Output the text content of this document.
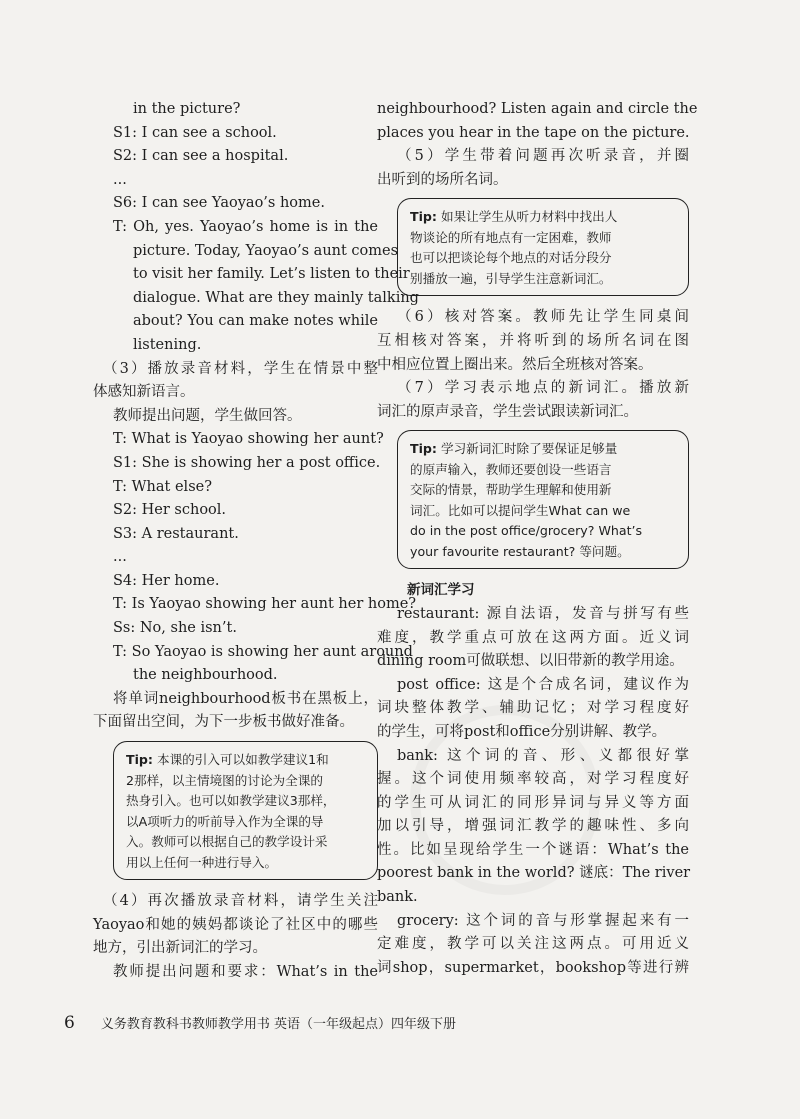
in the picture?
S1: I can see a school.
S2: I can see a hospital.
...
S6: I can see Yaoyao’s home.
T: Oh, yes. Yaoyao’s home is in the
picture. Today, Yaoyao’s aunt comes
to visit her family. Let’s listen to their
dialogue. What are they mainly talking
about? You can make notes while
listening.
（3）播放录音材料，学生在情景中整
体感知新语言。
教师提出问题，学生做回答。
T: What is Yaoyao showing her aunt?
S1: She is showing her a post office.
T: What else?
S2: Her school.
S3: A restaurant.
...
S4: Her home.
T: Is Yaoyao showing her aunt her home?
Ss: No, she isn’t.
T: So Yaoyao is showing her aunt around
the neighbourhood.
将单词neighbourhood板书在黑板上，
下面留出空间，为下一步板书做好准备。
Tip: 本课的引入可以如教学建议1和
2那样，以主情境图的讨论为全课的
热身引入。也可以如教学建议3那样，
以A项听力的听前导入作为全课的导
入。教师可以根据自己的教学设计采
用以上任何一种进行导入。
（4）再次播放录音材料，请学生关注
Yaoyao和她的姨妈都谈论了社区中的哪些
地方，引出新词汇的学习。
教师提出问题和要求：What’s in the
neighbourhood? Listen again and circle the
places you hear in the tape on the picture.
（5）学生带着问题再次听录音，并圈
出听到的场所名词。
Tip: 如果让学生从听力材料中找出人
物谈论的所有地点有一定困难，教师
也可以把谈论每个地点的对话分段分
别播放一遍，引导学生注意新词汇。
（6）核对答案。教师先让学生同桌间
互相核对答案，并将听到的场所名词在图
中相应位置上圈出来。然后全班核对答案。
（7）学习表示地点的新词汇。播放新
词汇的原声录音，学生尝试跟读新词汇。
Tip: 学习新词汇时除了要保证足够量
的原声输入，教师还要创设一些语言
交际的情景，帮助学生理解和使用新
词汇。比如可以提问学生What can we
do in the post office/grocery? What’s
your favourite restaurant? 等问题。
新词汇学习
restaurant: 源自法语，发音与拼写有些
难度，教学重点可放在这两方面。近义词
dining room可做联想、以旧带新的教学用途。
post office: 这是个合成名词，建议作为
词块整体教学、辅助记忆；对学习程度好
的学生，可将post和office分别讲解、教学。
bank: 这个词的音、形、义都很好掌
握。这个词使用频率较高，对学习程度好
的学生可从词汇的同形异词与异义等方面
加以引导，增强词汇教学的趣味性、多向
性。比如呈现给学生一个谜语：What’s the
poorest bank in the world? 谜底：The river
bank.
grocery: 这个词的音与形掌握起来有一
定难度，教学可以关注这两点。可用近义
词shop，supermarket，bookshop等进行辨
6 义务教育教科书教师教学用书 英语（一年级起点）四年级下册
